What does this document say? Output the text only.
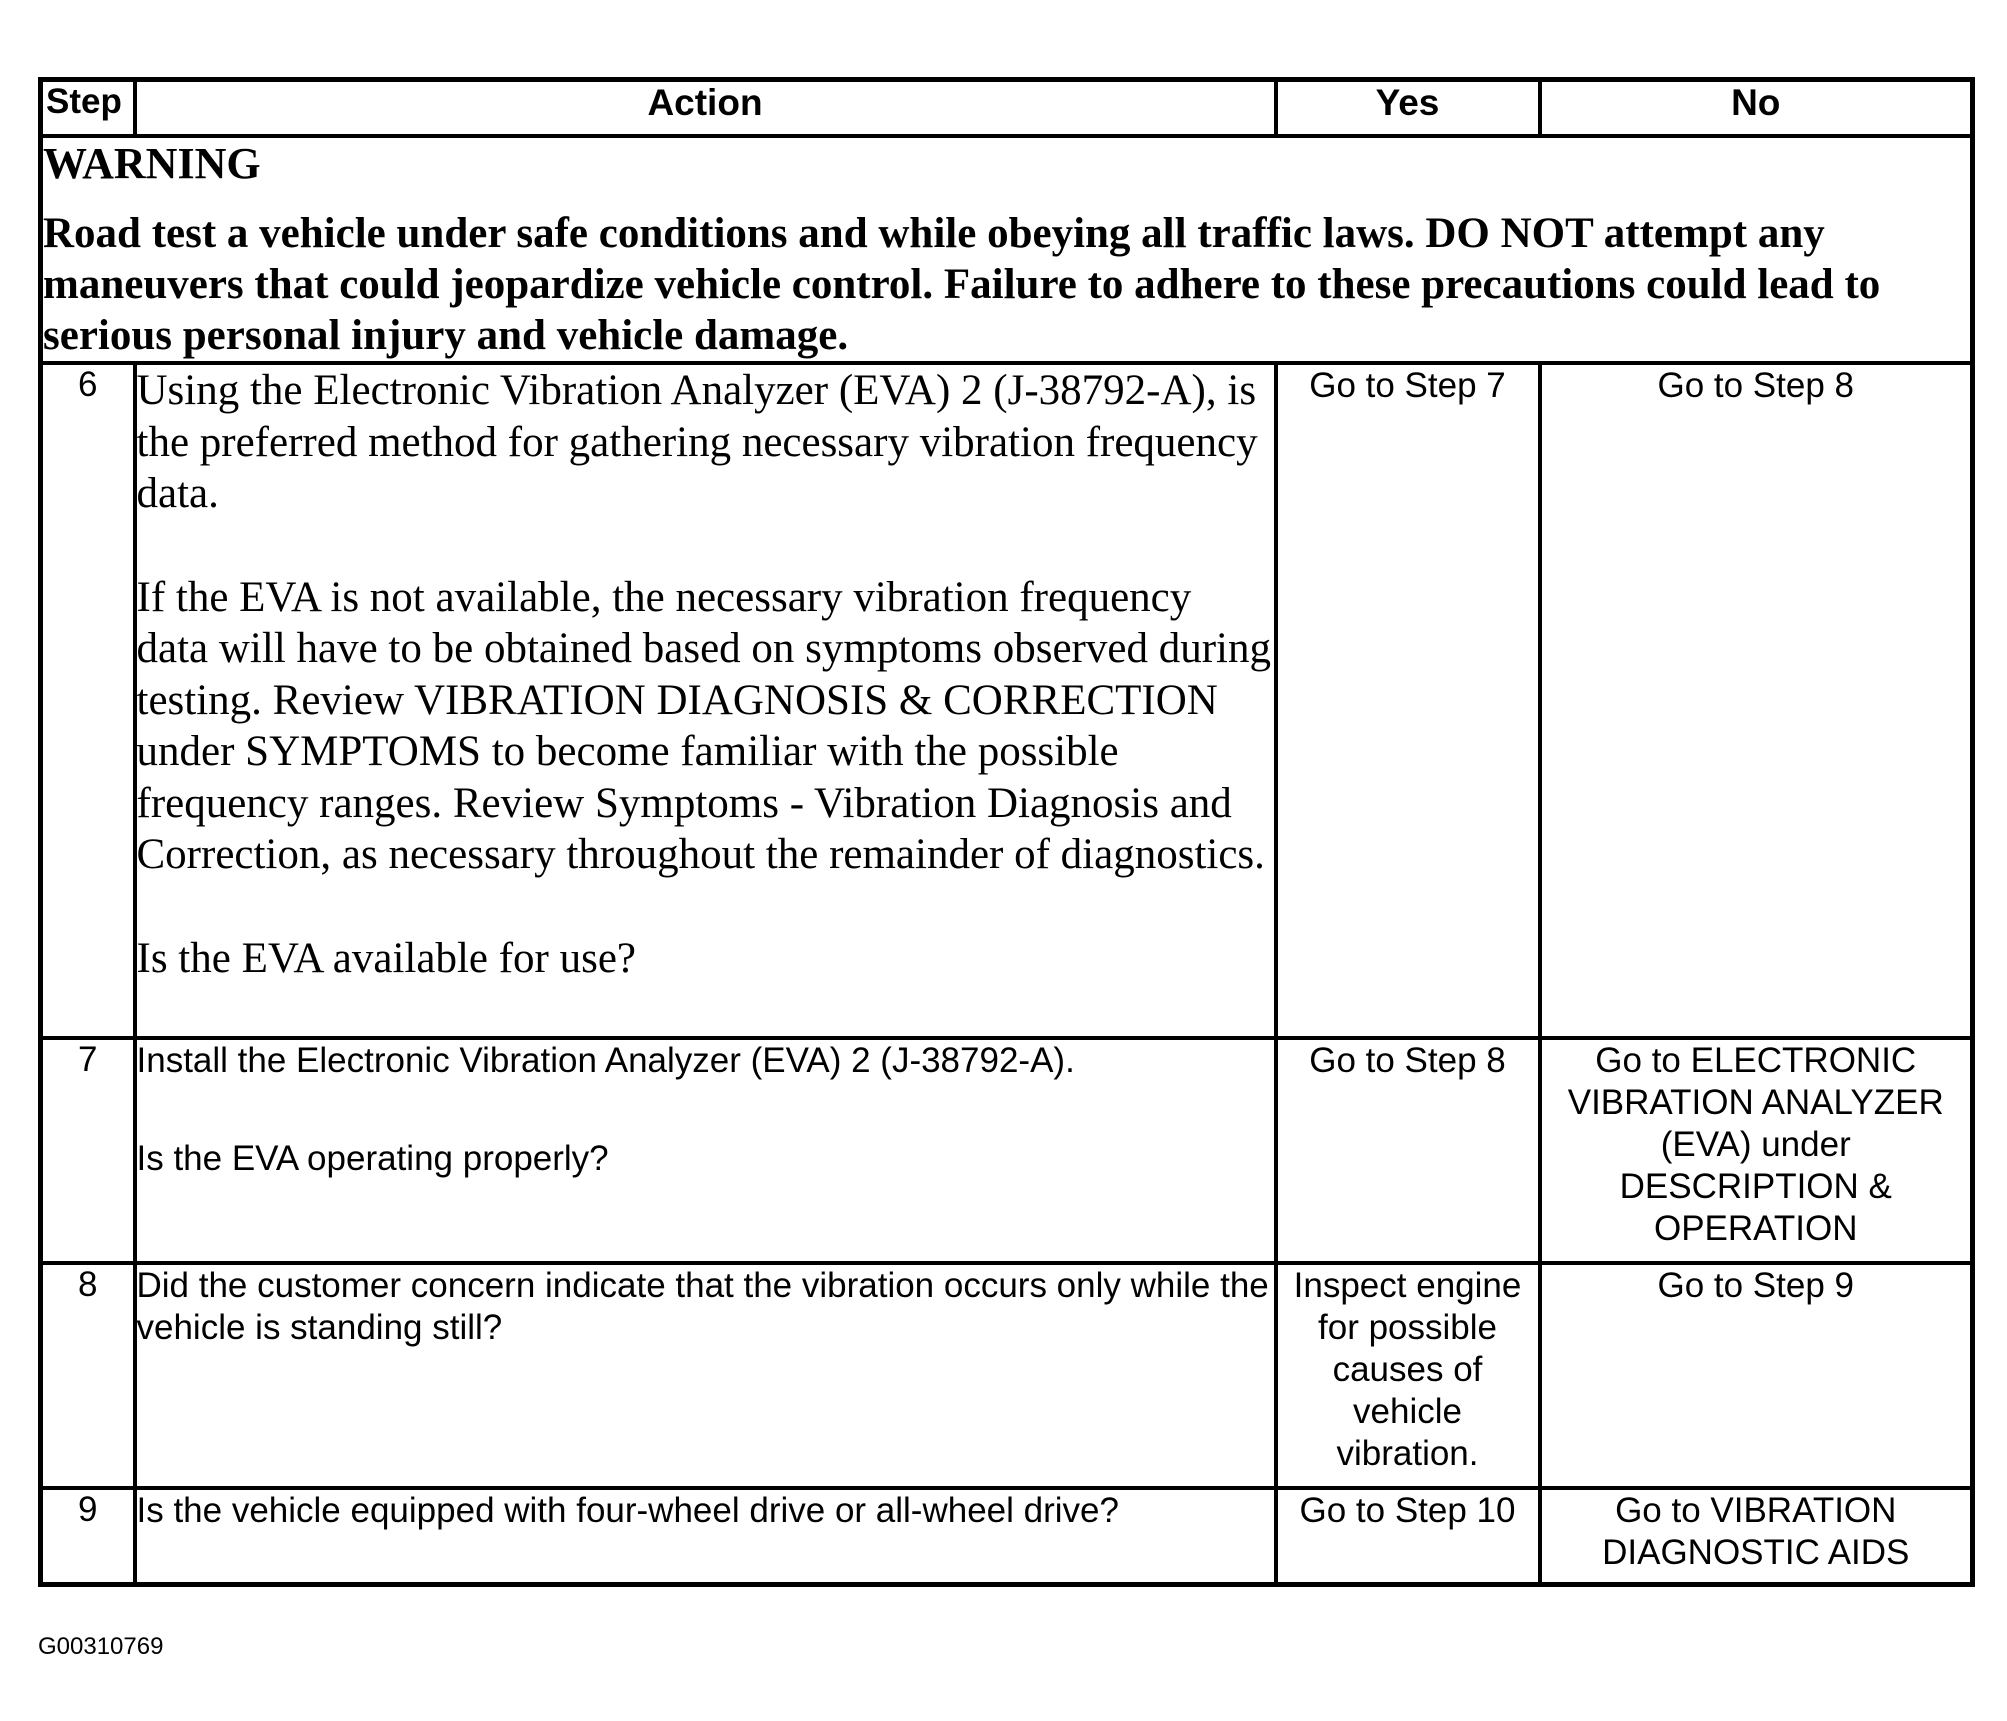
Step	Action	Yes	No

WARNING

Road test a vehicle under safe conditions and while obeying all traffic laws. DO NOT attempt any maneuvers that could jeopardize vehicle control. Failure to adhere to these precautions could lead to serious personal injury and vehicle damage.			

6	Using the Electronic Vibration Analyzer (EVA) 2 (J-38792-A), is the preferred method for gathering necessary vibration frequency data.

If the EVA is not available, the necessary vibration frequency data will have to be obtained based on symptoms observed during testing. Review VIBRATION DIAGNOSIS & CORRECTION under SYMPTOMS to become familiar with the possible frequency ranges. Review Symptoms - Vibration Diagnosis and Correction, as necessary throughout the remainder of diagnostics.

Is the EVA available for use?	Go to Step 7	Go to Step 8
7	Install the Electronic Vibration Analyzer (EVA) 2 (J-38792-A).

Is the EVA operating properly?	Go to Step 8	Go to ELECTRONIC VIBRATION ANALYZER (EVA) under DESCRIPTION & OPERATION
8	Did the customer concern indicate that the vibration occurs only while the vehicle is standing still?	Inspect engine for possible causes of vehicle vibration.	Go to Step 9
9	Is the vehicle equipped with four-wheel drive or all-wheel drive?	Go to Step 10	Go to VIBRATION DIAGNOSTIC AIDS
G00310769
